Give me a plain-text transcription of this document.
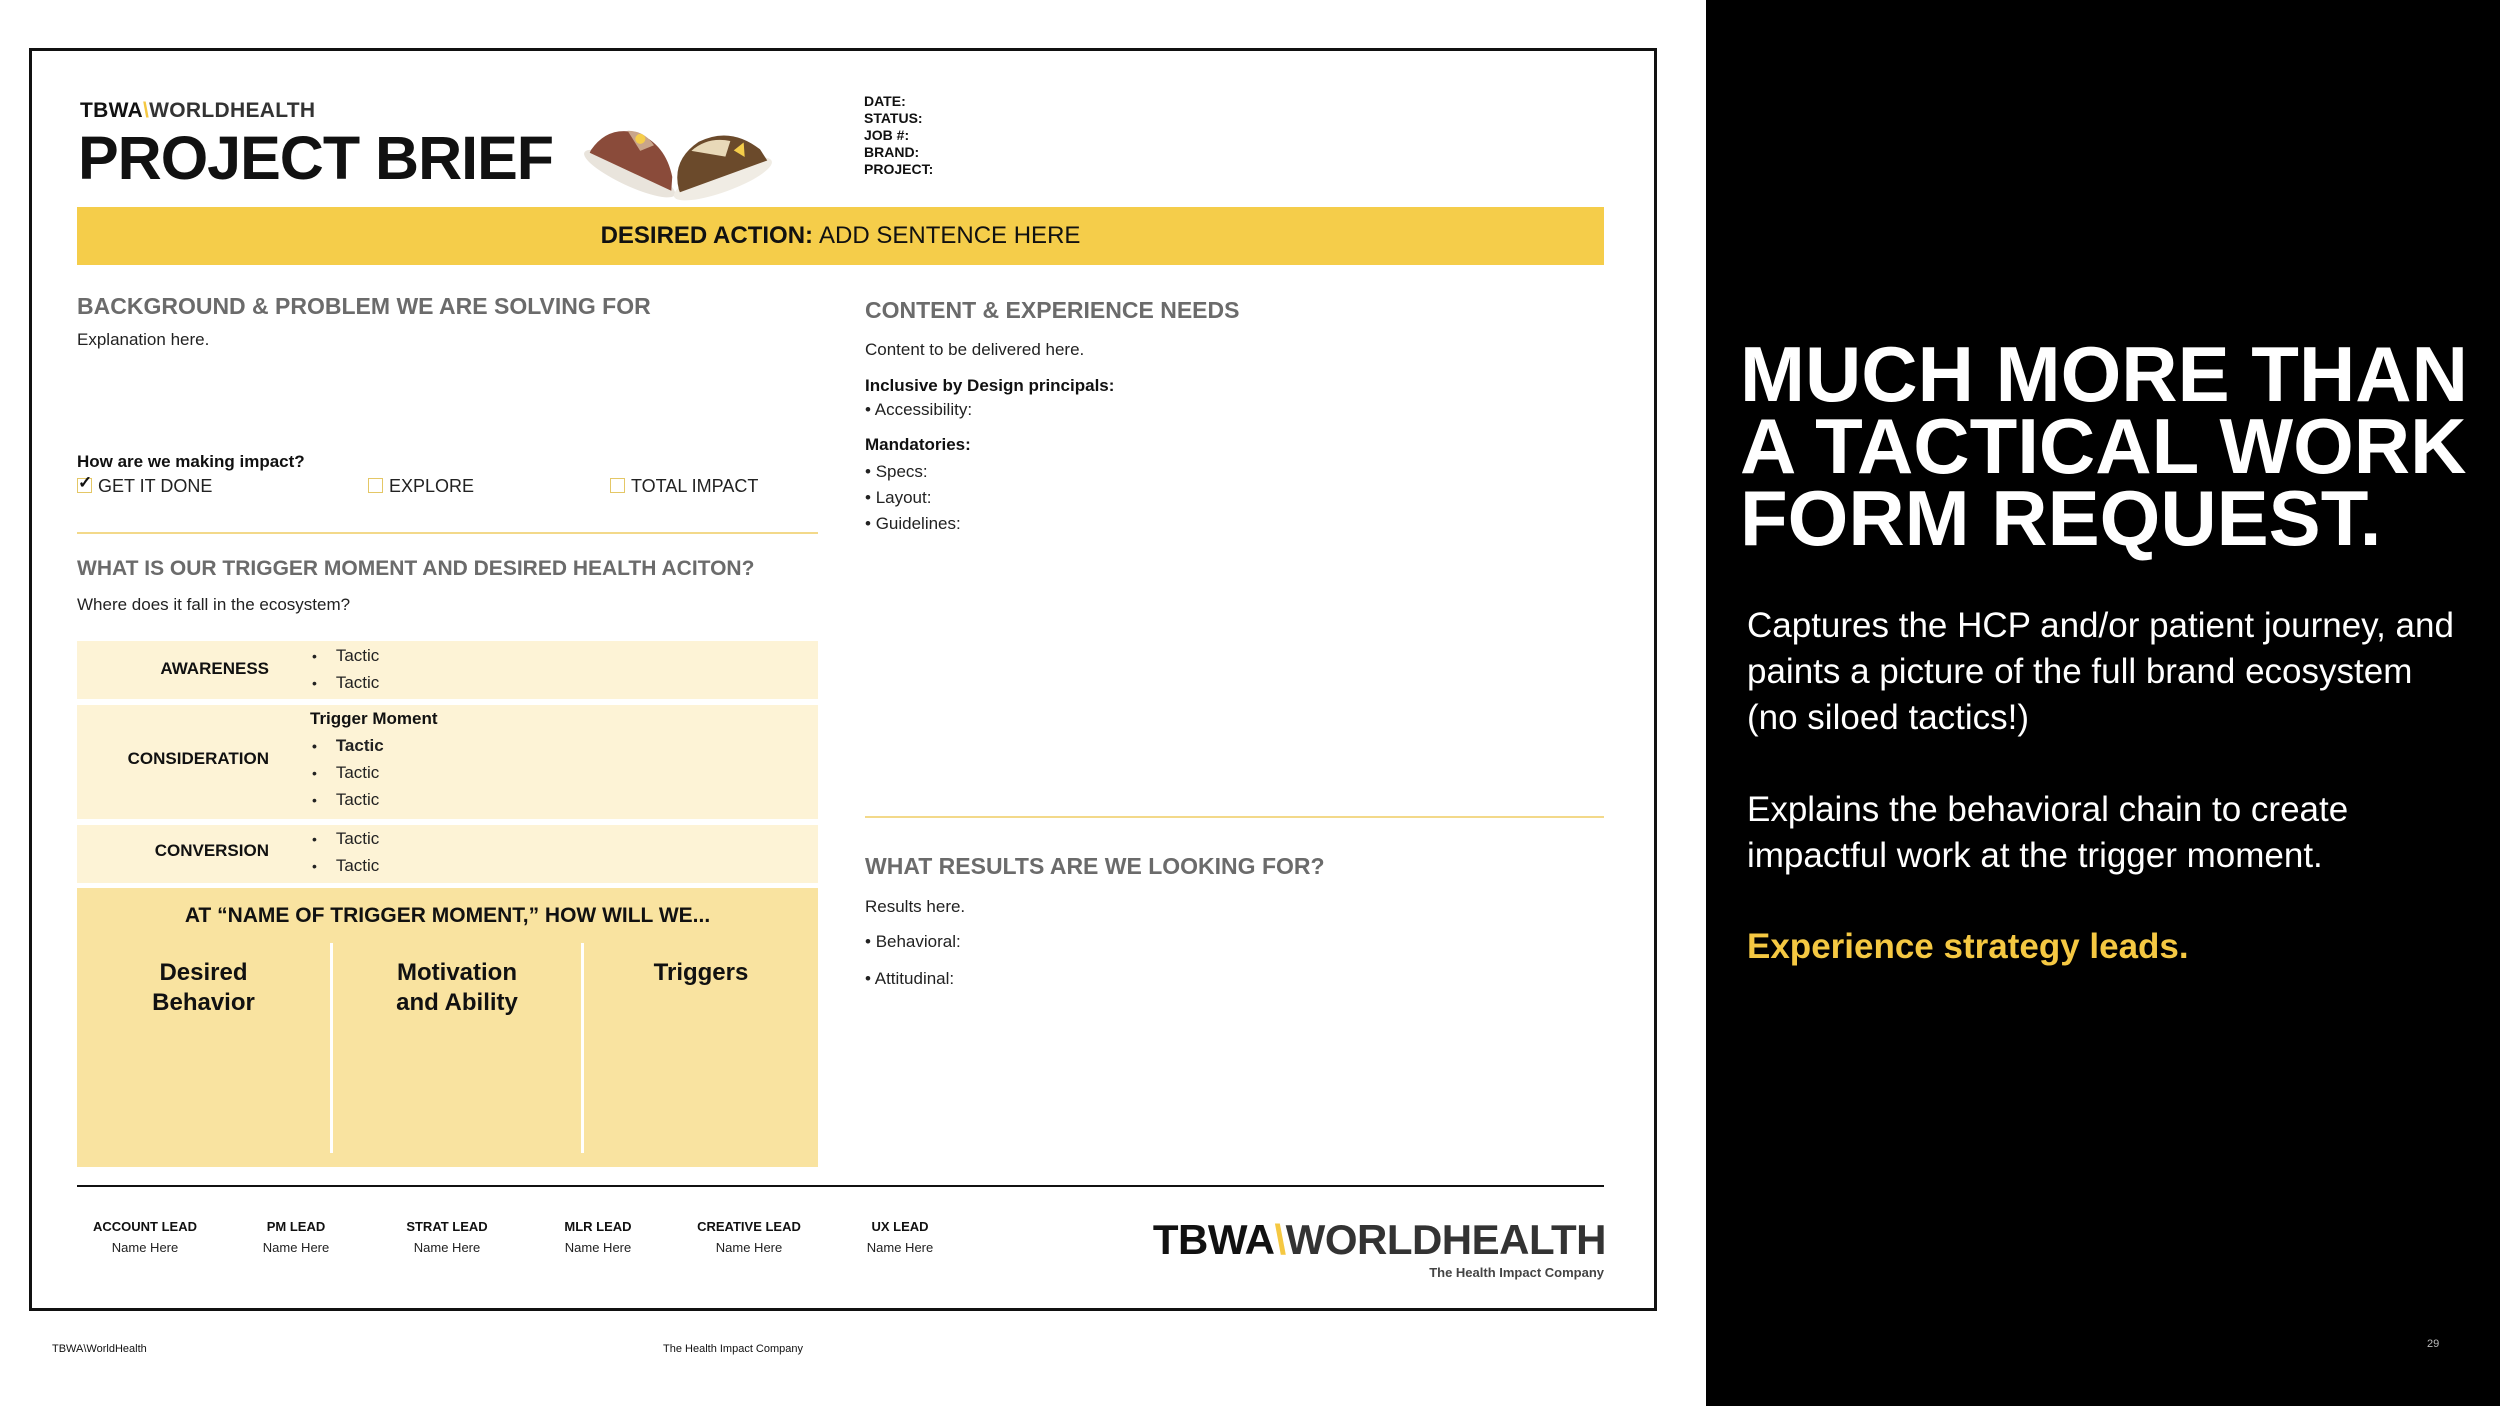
TBWA\WORLDHEALTH
PROJECT BRIEF
DATE:
STATUS:
JOB #:
BRAND:
PROJECT:
DESIRED ACTION: ADD SENTENCE HERE
BACKGROUND & PROBLEM WE ARE SOLVING FOR
Explanation here.
How are we making impact?
✓GET IT DONE	EXPLORE	TOTAL IMPACT
WHAT IS OUR TRIGGER MOMENT AND DESIRED HEALTH ACITON?
Where does it fall in the ecosystem?
AWARENESS
• Tactic
• Tactic
CONSIDERATION
Trigger Moment
• Tactic
• Tactic
• Tactic
CONVERSION
• Tactic
• Tactic
AT “NAME OF TRIGGER MOMENT,” HOW WILL WE...
Desired
Behavior
Motivation
and Ability
Triggers
CONTENT & EXPERIENCE NEEDS
Content to be delivered here.
Inclusive by Design principals:
• Accessibility:
Mandatories:
• Specs:
• Layout:
• Guidelines:
WHAT RESULTS ARE WE LOOKING FOR?
Results here.
• Behavioral:
• Attitudinal:
ACCOUNT LEAD
Name Here
PM LEAD
Name Here
STRAT LEAD
Name Here
MLR LEAD
Name Here
CREATIVE LEAD
Name Here
UX LEAD
Name Here	TBWA\WORLDHEALTH
The Health Impact Company
TBWA\WorldHealth	The Health Impact Company
MUCH MORE THAN
A TACTICAL WORK
FORM REQUEST.
Captures the HCP and/or patient journey, and paints a picture of the full brand ecosystem (no siloed tactics!)
Explains the behavioral chain to create impactful work at the trigger moment.
Experience strategy leads.
29
